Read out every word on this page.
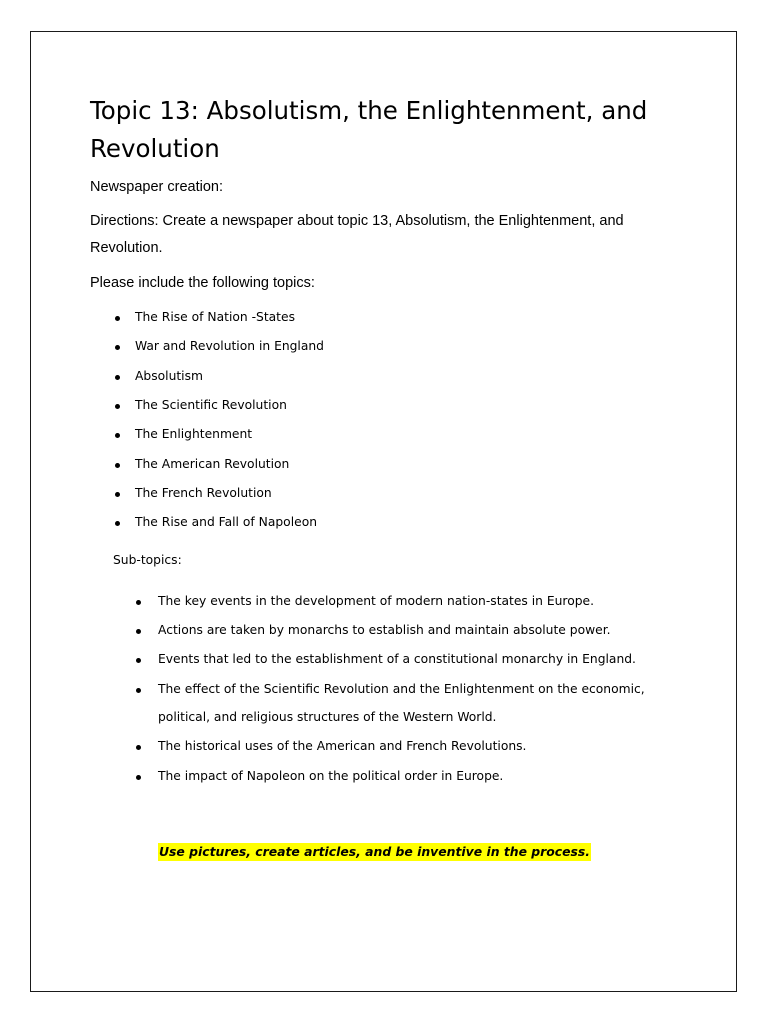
Topic 13: Absolutism, the Enlightenment, and
Revolution
Newspaper creation:
Directions: Create a newspaper about topic 13, Absolutism, the Enlightenment, and
Revolution.
Please include the following topics:
The Rise of Nation -States
War and Revolution in England
Absolutism
The Scientific Revolution
The Enlightenment
The American Revolution
The French Revolution
The Rise and Fall of Napoleon
Sub-topics:
The key events in the development of modern nation-states in Europe.
Actions are taken by monarchs to establish and maintain absolute power.
Events that led to the establishment of a constitutional monarchy in England.
The effect of the Scientific Revolution and the Enlightenment on the economic,
political, and religious structures of the Western World.
The historical uses of the American and French Revolutions.
The impact of Napoleon on the political order in Europe.
Use pictures, create articles, and be inventive in the process.
